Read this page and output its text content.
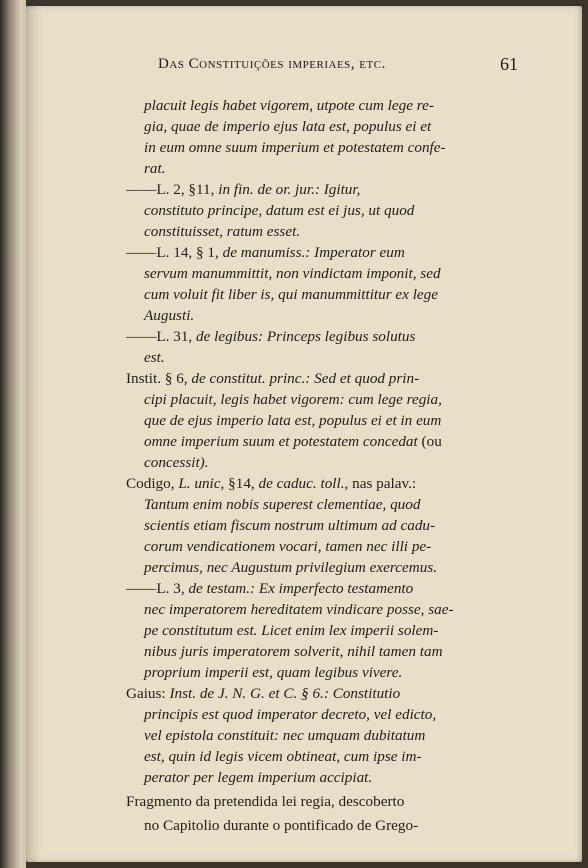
Das Constituições imperiaes, etc.	61
placuit legis habet vigorem, utpote cum lege re-
gia, quae de imperio ejus lata est, populus ei et
in eum omne suum imperium et potestatem confe-
rat.
——L. 2, §11, in fin. de or. jur.: Igitur,
constituto principe, datum est ei jus, ut quod
constituisset, ratum esset.
——L. 14, § 1, de manumiss.: Imperator eum
servum manummittit, non vindictam imponit, sed
cum voluit fit liber is, qui manummittitur ex lege
Augusti.
——L. 31, de legibus: Princeps legibus solutus
est.
Instit. § 6, de constitut. princ.: Sed et quod prin-
cipi placuit, legis habet vigorem: cum lege regia,
que de ejus imperio lata est, populus ei et in eum
omne imperium suum et potestatem concedat (ou
concessit).
Codigo, L. unic, §14, de caduc. toll., nas palav.:
Tantum enim nobis superest clementiae, quod
scientis etiam fiscum nostrum ultimum ad cadu-
corum vendicationem vocari, tamen nec illi pe-
percimus, nec Augustum privilegium exercemus.
——L. 3, de testam.: Ex imperfecto testamento
nec imperatorem hereditatem vindicare posse, sae-
pe constitutum est. Licet enim lex imperii solem-
nibus juris imperatorem solverit, nihil tamen tam
proprium imperii est, quam legibus vivere.
Gaius: Inst. de J. N. G. et C. § 6.: Constitutio
principis est quod imperator decreto, vel edicto,
vel epistola constituit: nec umquam dubitatum
est, quin id legis vicem obtineat, cum ipse im-
perator per legem imperium accipiat.
Fragmento da pretendida lei regia, descoberto
no Capitolio durante o pontificado de Grego-
